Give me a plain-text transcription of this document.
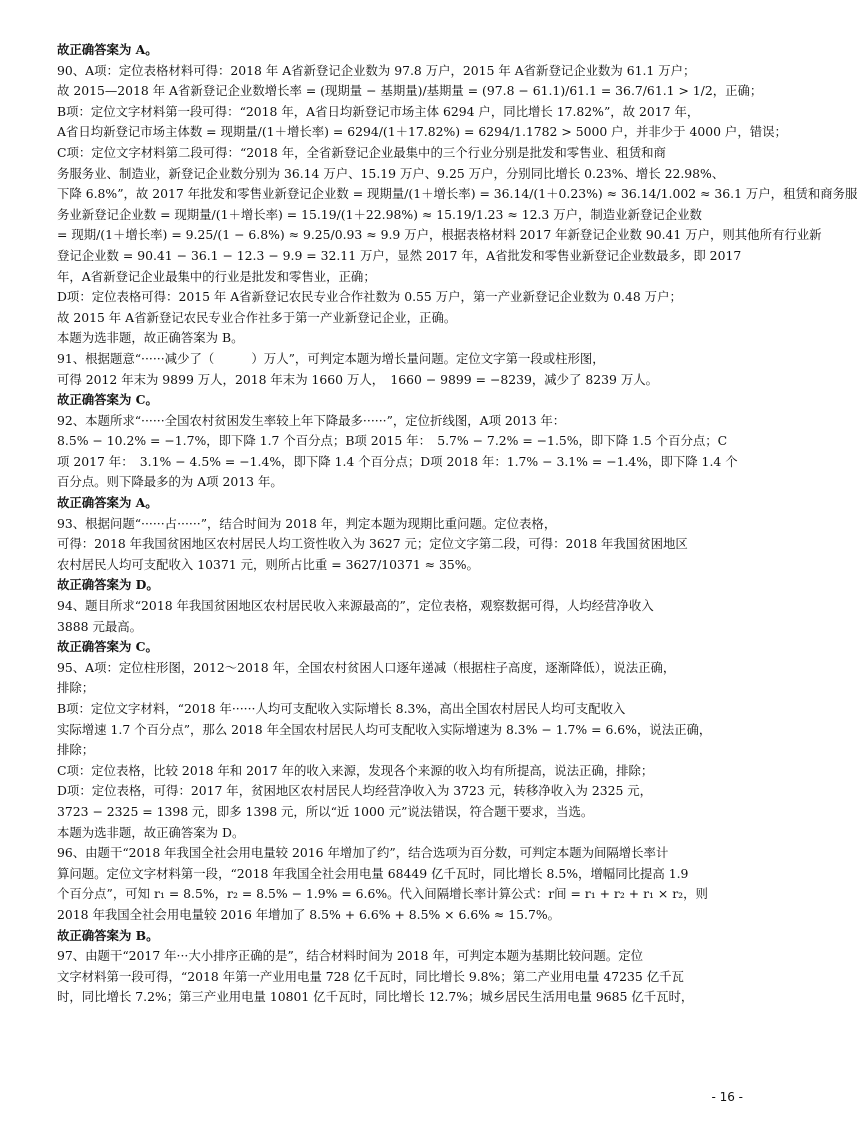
故正确答案为 A。
90、A项：定位表格材料可得：2018 年 A省新登记企业数为 97.8 万户，2015 年 A省新登记企业数为 61.1 万户；
故 2015—2018 年 A省新登记企业数增长率 = (现期量 − 基期量)/基期量 = (97.8 − 61.1)/61.1 = 36.7/61.1 > 1/2，正确；
B项：定位文字材料第一段可得：“2018 年，A省日均新登记市场主体 6294 户，同比增长 17.82%”，故 2017 年，
A省日均新登记市场主体数 = 现期量/(1＋增长率) = 6294/(1＋17.82%) = 6294/1.1782 > 5000 户，并非少于 4000 户，错误；
C项：定位文字材料第二段可得：“2018 年，全省新登记企业最集中的三个行业分别是批发和零售业、租赁和商
务服务业、制造业，新登记企业数分别为 36.14 万户、15.19 万户、9.25 万户，分别同比增长 0.23%、增长 22.98%、
下降 6.8%”，故 2017 年批发和零售业新登记企业数 = 现期量/(1＋增长率) = 36.14/(1＋0.23%) ≈ 36.14/1.002 ≈ 36.1 万户，租赁和商务服
务业新登记企业数 = 现期量/(1＋增长率) = 15.19/(1＋22.98%) ≈ 15.19/1.23 ≈ 12.3 万户，制造业新登记企业数
= 现期/(1＋增长率) = 9.25/(1 − 6.8%) ≈ 9.25/0.93 ≈ 9.9 万户，根据表格材料 2017 年新登记企业数 90.41 万户，则其他所有行业新
登记企业数 = 90.41 − 36.1 − 12.3 − 9.9 = 32.11 万户，显然 2017 年，A省批发和零售业新登记企业数最多，即 2017
年，A省新登记企业最集中的行业是批发和零售业，正确；
D项：定位表格可得：2015 年 A省新登记农民专业合作社数为 0.55 万户，第一产业新登记企业数为 0.48 万户；
故 2015 年 A省新登记农民专业合作社多于第一产业新登记企业，正确。
本题为选非题，故正确答案为 B。
91、根据题意“······减少了（　　　）万人”，可判定本题为增长量问题。定位文字第一段或柱形图，
可得 2012 年末为 9899 万人，2018 年末为 1660 万人，　1660 − 9899 = −8239，减少了 8239 万人。
故正确答案为 C。
92、本题所求“······全国农村贫困发生率较上年下降最多······”，定位折线图，A项 2013 年：
8.5% − 10.2% = −1.7%，即下降 1.7 个百分点；B项 2015 年：　5.7% − 7.2% = −1.5%，即下降 1.5 个百分点；C
项 2017 年：　3.1% − 4.5% = −1.4%，即下降 1.4 个百分点；D项 2018 年：1.7% − 3.1% = −1.4%，即下降 1.4 个
百分点。则下降最多的为 A项 2013 年。
故正确答案为 A。
93、根据问题“······占······”，结合时间为 2018 年，判定本题为现期比重问题。定位表格，
可得：2018 年我国贫困地区农村居民人均工资性收入为 3627 元；定位文字第二段，可得：2018 年我国贫困地区
农村居民人均可支配收入 10371 元，则所占比重 = 3627/10371 ≈ 35%。
故正确答案为 D。
94、题目所求“2018 年我国贫困地区农村居民收入来源最高的”，定位表格，观察数据可得，人均经营净收入
3888 元最高。
故正确答案为 C。
95、A项：定位柱形图，2012～2018 年，全国农村贫困人口逐年递减（根据柱子高度，逐渐降低），说法正确，
排除；
B项：定位文字材料，“2018 年······人均可支配收入实际增长 8.3%，高出全国农村居民人均可支配收入
实际增速 1.7 个百分点”，那么 2018 年全国农村居民人均可支配收入实际增速为 8.3% − 1.7% = 6.6%，说法正确，
排除；
C项：定位表格，比较 2018 年和 2017 年的收入来源，发现各个来源的收入均有所提高，说法正确，排除；
D项：定位表格，可得：2017 年，贫困地区农村居民人均经营净收入为 3723 元，转移净收入为 2325 元，
3723 − 2325 = 1398 元，即多 1398 元，所以“近 1000 元”说法错误，符合题干要求，当选。
本题为选非题，故正确答案为 D。
96、由题干“2018 年我国全社会用电量较 2016 年增加了约”，结合选项为百分数，可判定本题为间隔增长率计
算问题。定位文字材料第一段，“2018 年我国全社会用电量 68449 亿千瓦时，同比增长 8.5%，增幅同比提高 1.9
个百分点”，可知 r₁ = 8.5%，r₂ = 8.5% − 1.9% = 6.6%。代入间隔增长率计算公式：r间 = r₁ + r₂ + r₁ × r₂，则
2018 年我国全社会用电量较 2016 年增加了 8.5% + 6.6% + 8.5% × 6.6% ≈ 15.7%。
故正确答案为 B。
97、由题干“2017 年···大小排序正确的是”，结合材料时间为 2018 年，可判定本题为基期比较问题。定位
文字材料第一段可得，“2018 年第一产业用电量 728 亿千瓦时，同比增长 9.8%；第二产业用电量 47235 亿千瓦
时，同比增长 7.2%；第三产业用电量 10801 亿千瓦时，同比增长 12.7%；城乡居民生活用电量 9685 亿千瓦时，
- 16 -
